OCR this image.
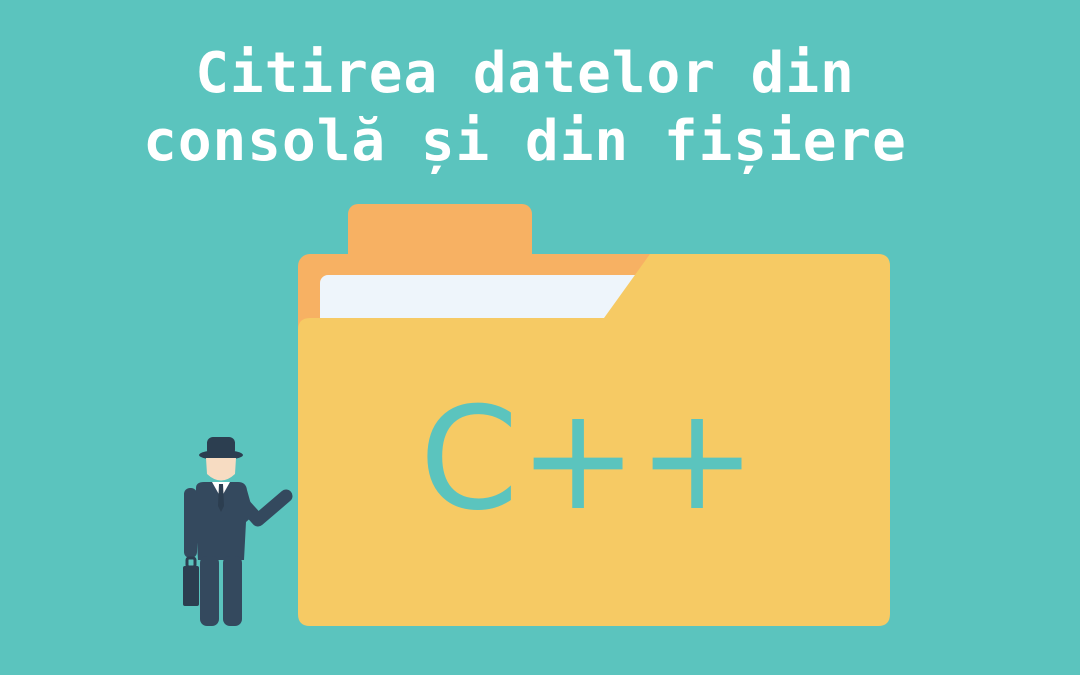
Citirea datelor din
consolă și din fișiere
C++
